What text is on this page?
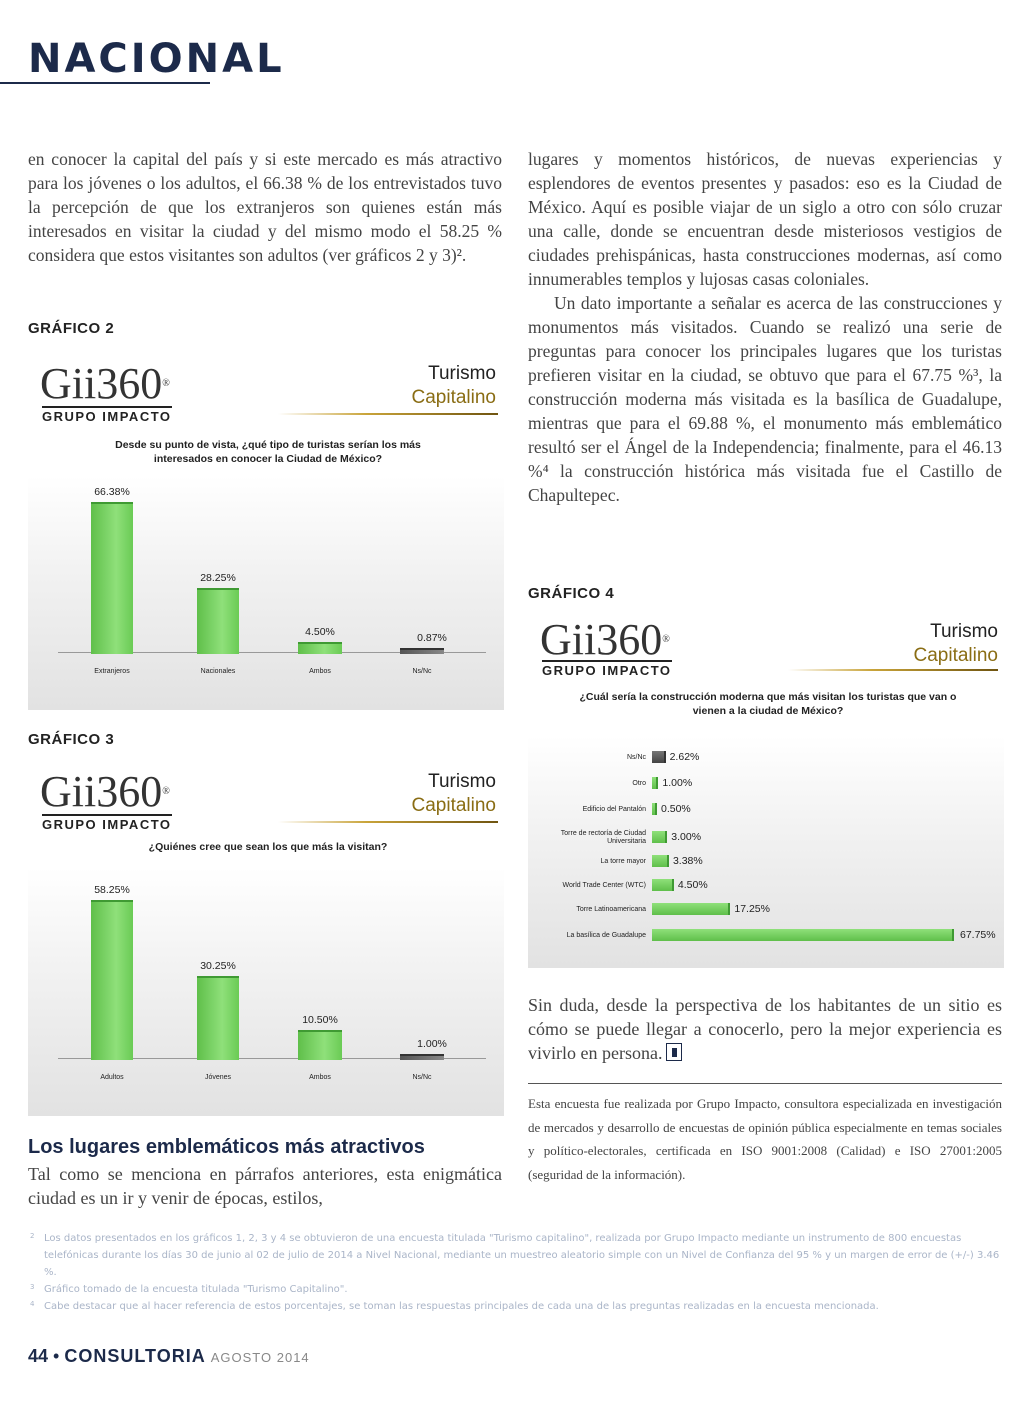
NACIONAL

en conocer la capital del país y si este mercado es más atractivo para los jóvenes o los adultos, el 66.38 % de los entrevistados tuvo la percepción de que los extranjeros son quienes están más interesados en visitar la ciudad y del mismo modo el 58.25 % considera que estos visitantes son adultos (ver gráficos 2 y 3)².

lugares y momentos históricos, de nuevas experiencias y esplendores de eventos presentes y pasados: eso es la Ciudad de México. Aquí es posible viajar de un siglo a otro con sólo cruzar una calle, donde se encuentran desde misteriosos vestigios de ciudades prehispánicas, hasta construcciones modernas, así como innumerables templos y lujosas casas coloniales.

Un dato importante a señalar es acerca de las construcciones y monumentos más visitados. Cuando se realizó una serie de preguntas para conocer los principales lugares que los turistas prefieren visitar en la ciudad, se obtuvo que para el 67.75 %³, la construcción moderna más visitada es la basílica de Guadalupe, mientras que para el 69.88 %, el monumento más emblemático resultó ser el Ángel de la Independencia; finalmente, para el 46.13 %⁴ la construcción histórica más visitada fue el Castillo de Chapultepec.

GRÁFICO 2
Gii360®
GRUPO IMPACTO
Turismo
Capitalino
Desde su punto de vista, ¿qué tipo de turistas serían los más interesados en conocer la Ciudad de México?
66.38%
Extranjeros
28.25%
Nacionales
4.50%
Ambos
0.87%
Ns/Nc
GRÁFICO 3
Gii360®
GRUPO IMPACTO
Turismo
Capitalino
¿Quiénes cree que sean los que más la visitan?
58.25%
Adultos
30.25%
Jóvenes
10.50%
Ambos
1.00%
Ns/Nc
GRÁFICO 4
Gii360®
GRUPO IMPACTO
Turismo
Capitalino
¿Cuál sería la construcción moderna que más visitan los turistas que van o vienen a la ciudad de México?
Ns/Nc 2.62%
Otro 1.00%
Edificio del Pantalón 0.50%
Torre de rectoría de Ciudad Universitaria 3.00%
La torre mayor	3.38%
World Trade Center (WTC)	4.50%
Torre Latinoamericana	17.25%
La basílica de Guadalupe	67.75%

Sin duda, desde la perspectiva de los habitantes de un sitio es cómo se puede llegar a conocerlo, pero la mejor experiencia es vivirlo en persona.

Esta encuesta fue realizada por Grupo Impacto, consultora especializada en investigación de mercados y desarrollo de encuestas de opinión pública especialmente en temas sociales y político-electorales, certificada en ISO 9001:2008 (Calidad) e ISO 27001:2005 (seguridad de la información).

Los lugares emblemáticos más atractivos

Tal como se menciona en párrafos anteriores, esta enigmática ciudad es un ir y venir de épocas, estilos,

2 Los datos presentados en los gráficos 1, 2, 3 y 4 se obtuvieron de una encuesta titulada "Turismo capitalino", realizada por Grupo Impacto mediante un instrumento de 800 encuestas telefónicas durante los días 30 de junio al 02 de julio de 2014 a Nivel Nacional, mediante un muestreo aleatorio simple con un Nivel de Confianza del 95 % y un margen de error de (+/-) 3.46 %.

3 Gráfico tomado de la encuesta titulada "Turismo Capitalino".

4 Cabe destacar que al hacer referencia de estos porcentajes, se toman las respuestas principales de cada una de las preguntas realizadas en la encuesta mencionada.

44 • CONSULTORIA AGOSTO 2014
